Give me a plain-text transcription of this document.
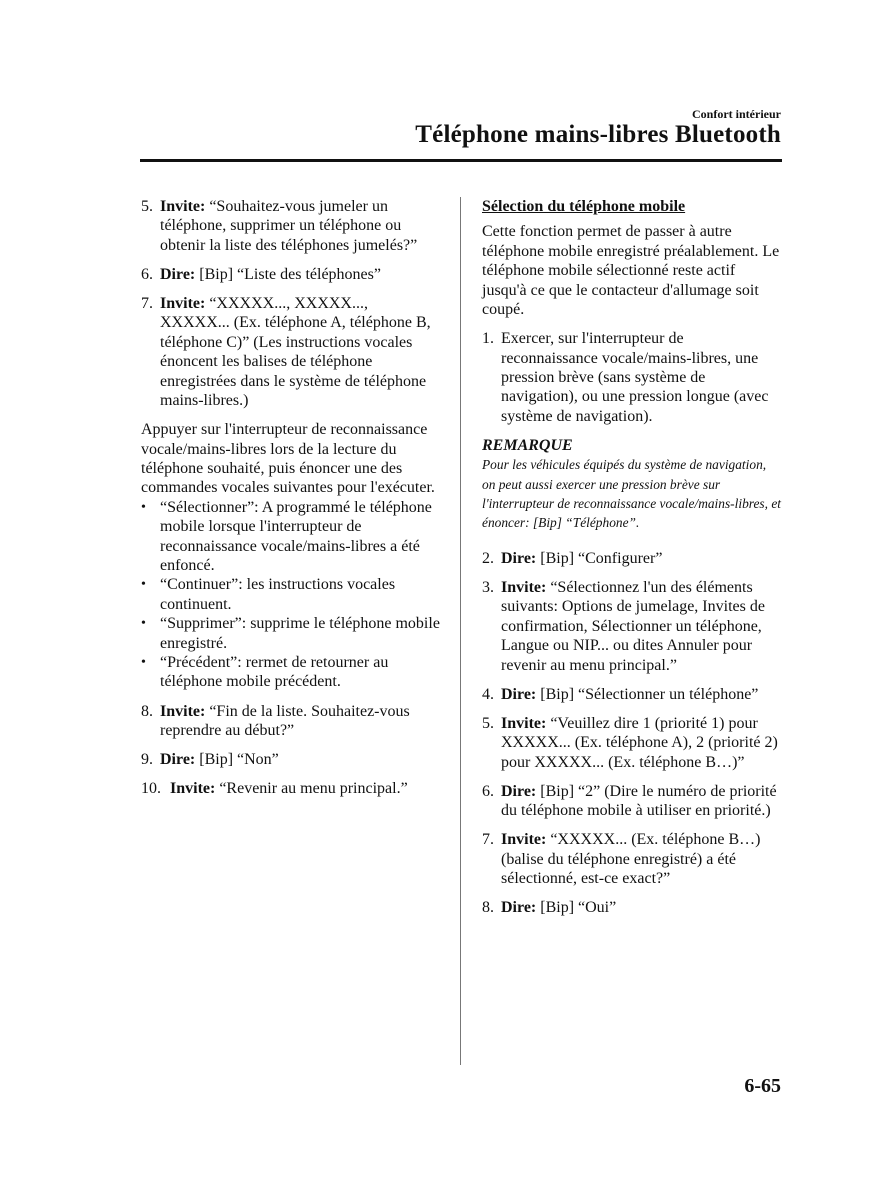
Confort intérieur
Téléphone mains-libres Bluetooth
5. Invite: “Souhaitez-vous jumeler un téléphone, supprimer un téléphone ou obtenir la liste des téléphones jumelés?”
6. Dire: [Bip] “Liste des téléphones”
7. Invite: “XXXXX..., XXXXX..., XXXXX... (Ex. téléphone A, téléphone B, téléphone C)” (Les instructions vocales énoncent les balises de téléphone enregistrées dans le système de téléphone mains-libres.)

Appuyer sur l'interrupteur de reconnaissance vocale/mains-libres lors de la lecture du téléphone souhaité, puis énoncer une des commandes vocales suivantes pour l'exécuter.

• “Sélectionner”: A programmé le téléphone mobile lorsque l'interrupteur de reconnaissance vocale/mains-libres a été enfoncé.
• “Continuer”: les instructions vocales continuent.
• “Supprimer”: supprime le téléphone mobile enregistré.
• “Précédent”: rermet de retourner au téléphone mobile précédent.
8. Invite: “Fin de la liste. Souhaitez-vous reprendre au début?”
9. Dire: [Bip] “Non”
10. Invite: “Revenir au menu principal.”

Sélection du téléphone mobile

Cette fonction permet de passer à autre téléphone mobile enregistré préalablement. Le téléphone mobile sélectionné reste actif jusqu'à ce que le contacteur d'allumage soit coupé.

1. Exercer, sur l'interrupteur de reconnaissance vocale/mains-libres, une pression brève (sans système de navigation), ou une pression longue (avec système de navigation).

REMARQUE

Pour les véhicules équipés du système de navigation, on peut aussi exercer une pression brève sur l'interrupteur de reconnaissance vocale/mains-libres, et énoncer: [Bip] “Téléphone”.

2. Dire: [Bip] “Configurer”
3. Invite: “Sélectionnez l'un des éléments suivants: Options de jumelage, Invites de confirmation, Sélectionner un téléphone, Langue ou NIP... ou dites Annuler pour revenir au menu principal.”
4. Dire: [Bip] “Sélectionner un téléphone”
5. Invite: “Veuillez dire 1 (priorité 1) pour XXXXX... (Ex. téléphone A), 2 (priorité 2) pour XXXXX... (Ex. téléphone B…)”
6. Dire: [Bip] “2” (Dire le numéro de priorité du téléphone mobile à utiliser en priorité.)
7. Invite: “XXXXX... (Ex. téléphone B…) (balise du téléphone enregistré) a été sélectionné, est-ce exact?”
8. Dire: [Bip] “Oui”
6-65
